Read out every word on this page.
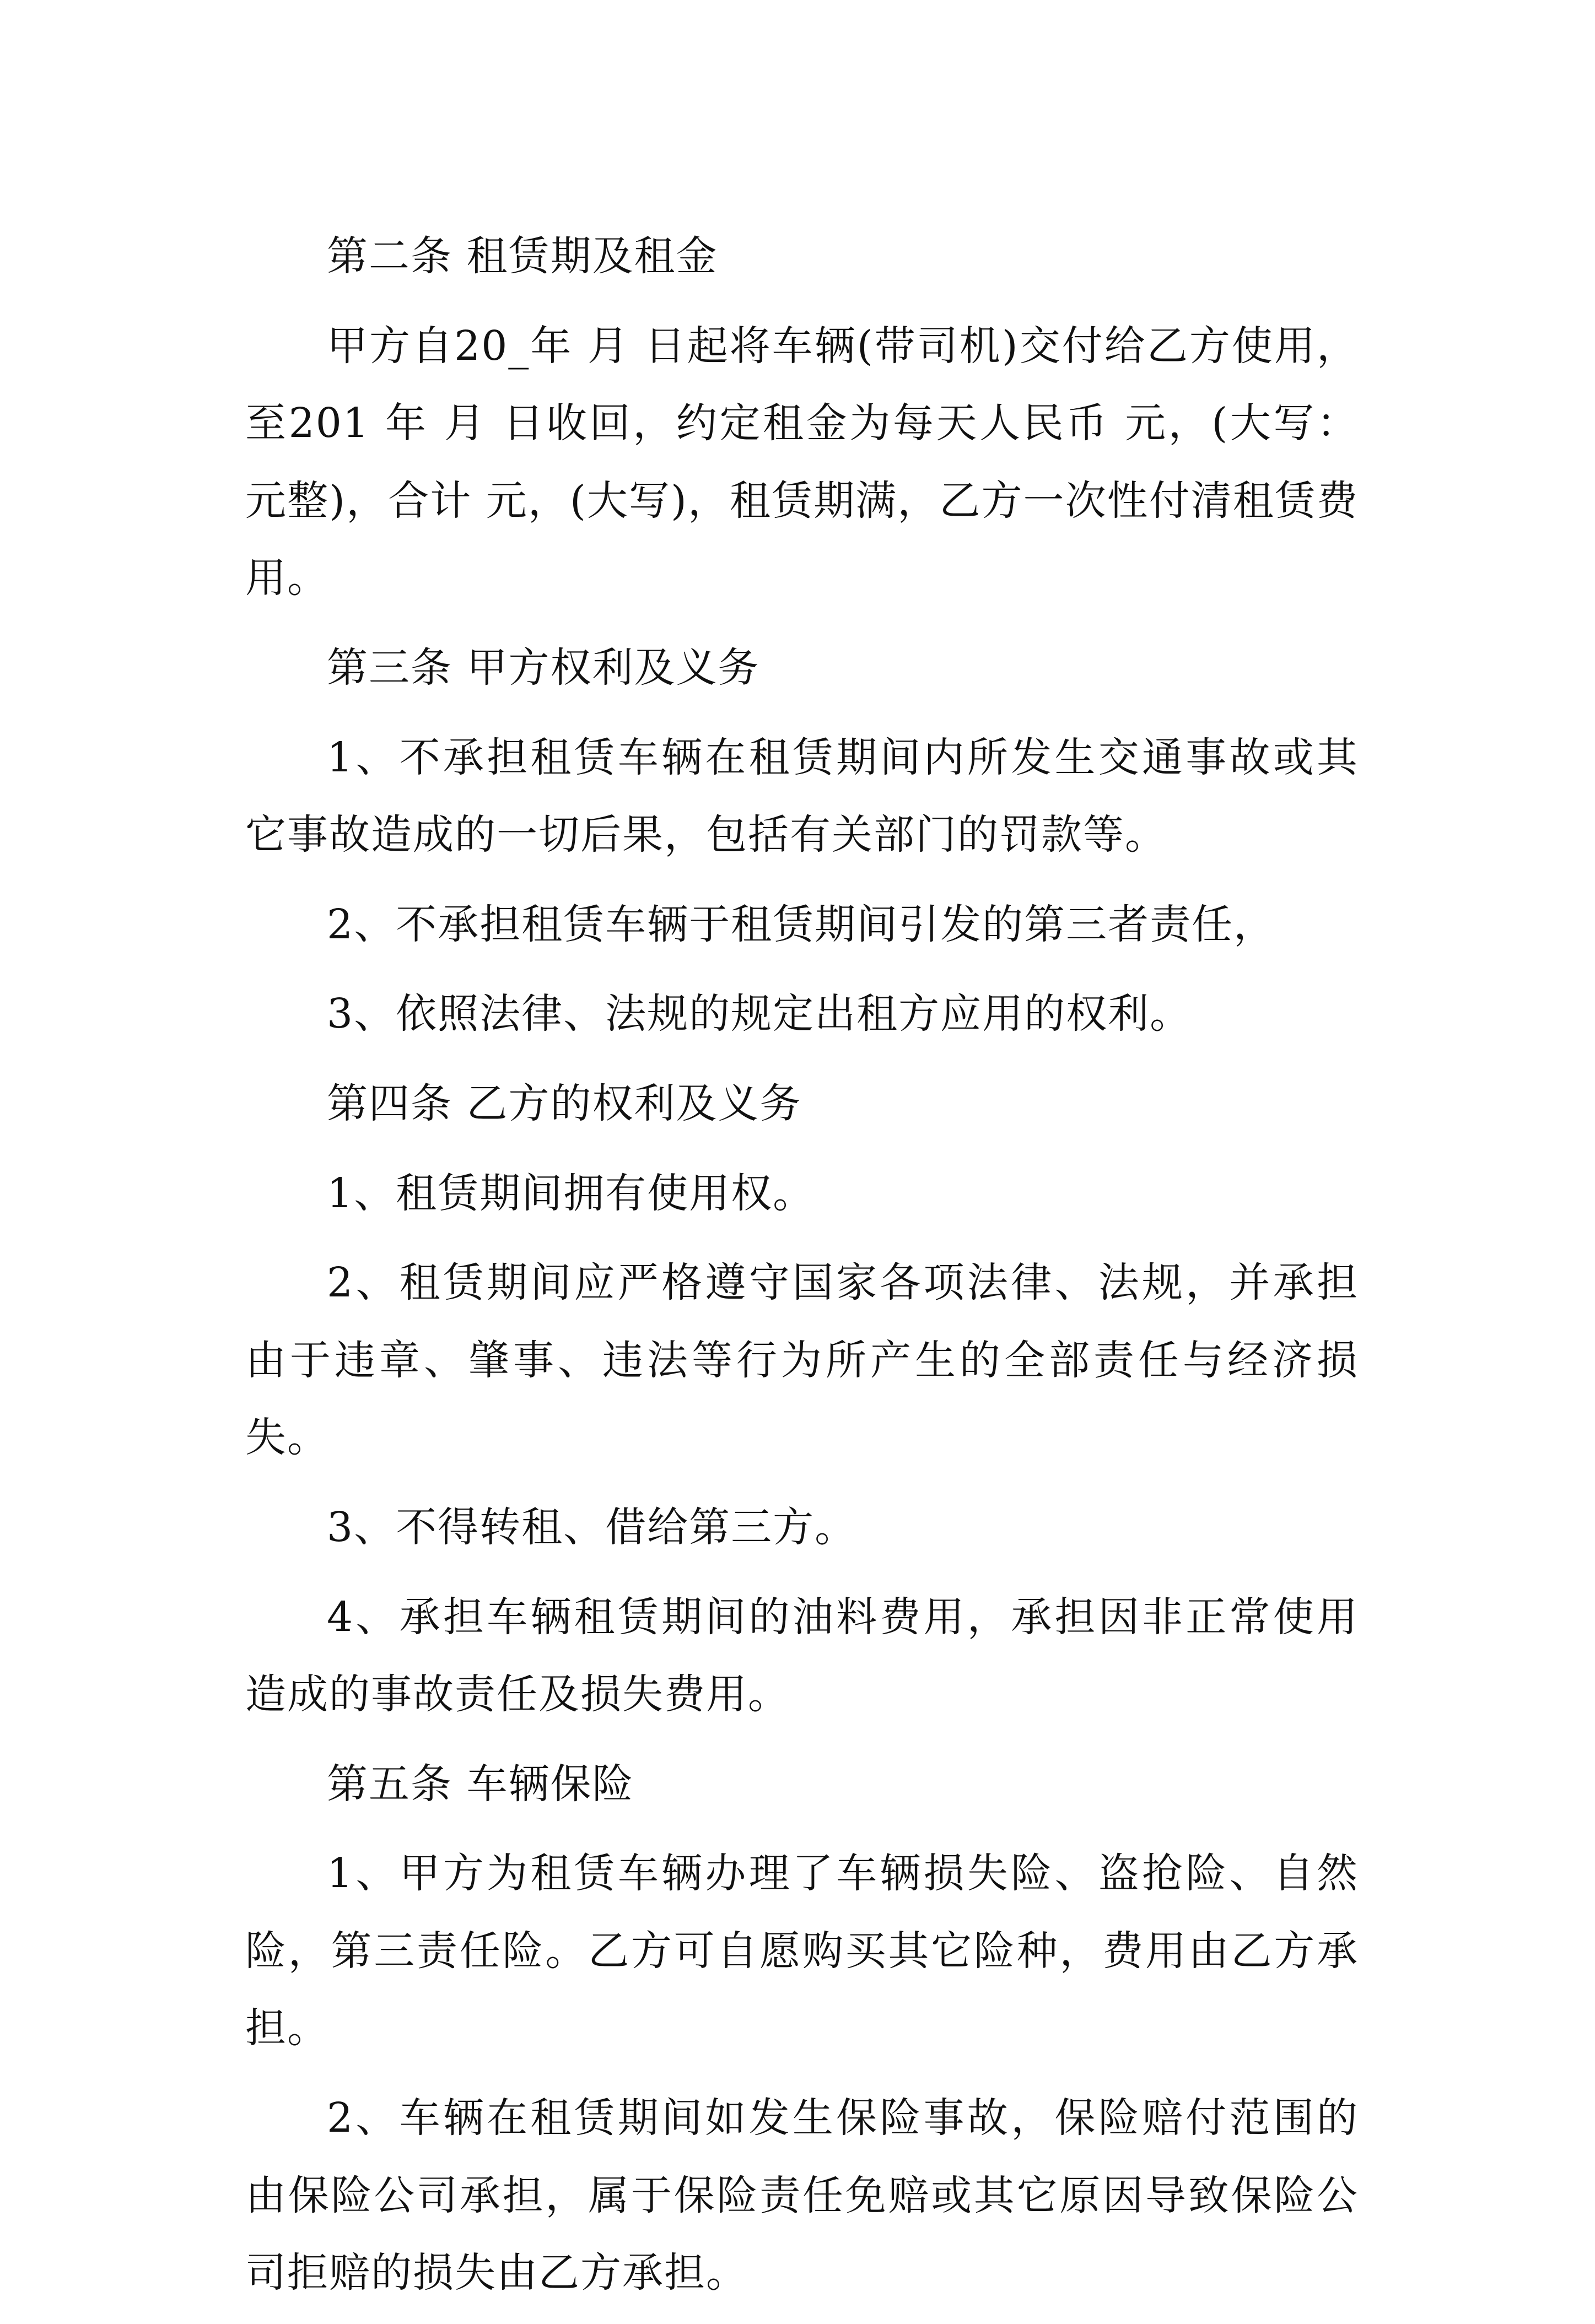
第二条 租赁期及租金

甲方自20_年 月 日起将车辆(带司机)交付给乙方使用，至201 年 月 日收回，约定租金为每天人民币 元，(大写：元整)，合计 元，(大写)，租赁期满，乙方一次性付清租赁费用。

第三条 甲方权利及义务

1、不承担租赁车辆在租赁期间内所发生交通事故或其它事故造成的一切后果，包括有关部门的罚款等。

2、不承担租赁车辆于租赁期间引发的第三者责任，

3、依照法律、法规的规定出租方应用的权利。

第四条 乙方的权利及义务

1、租赁期间拥有使用权。

2、租赁期间应严格遵守国家各项法律、法规，并承担由于违章、肇事、违法等行为所产生的全部责任与经济损失。

3、不得转租、借给第三方。

4、承担车辆租赁期间的油料费用，承担因非正常使用造成的事故责任及损失费用。

第五条 车辆保险

1、甲方为租赁车辆办理了车辆损失险、盗抢险、自然险，第三责任险。乙方可自愿购买其它险种，费用由乙方承担。

2、车辆在租赁期间如发生保险事故，保险赔付范围的由保险公司承担，属于保险责任免赔或其它原因导致保险公司拒赔的损失由乙方承担。
